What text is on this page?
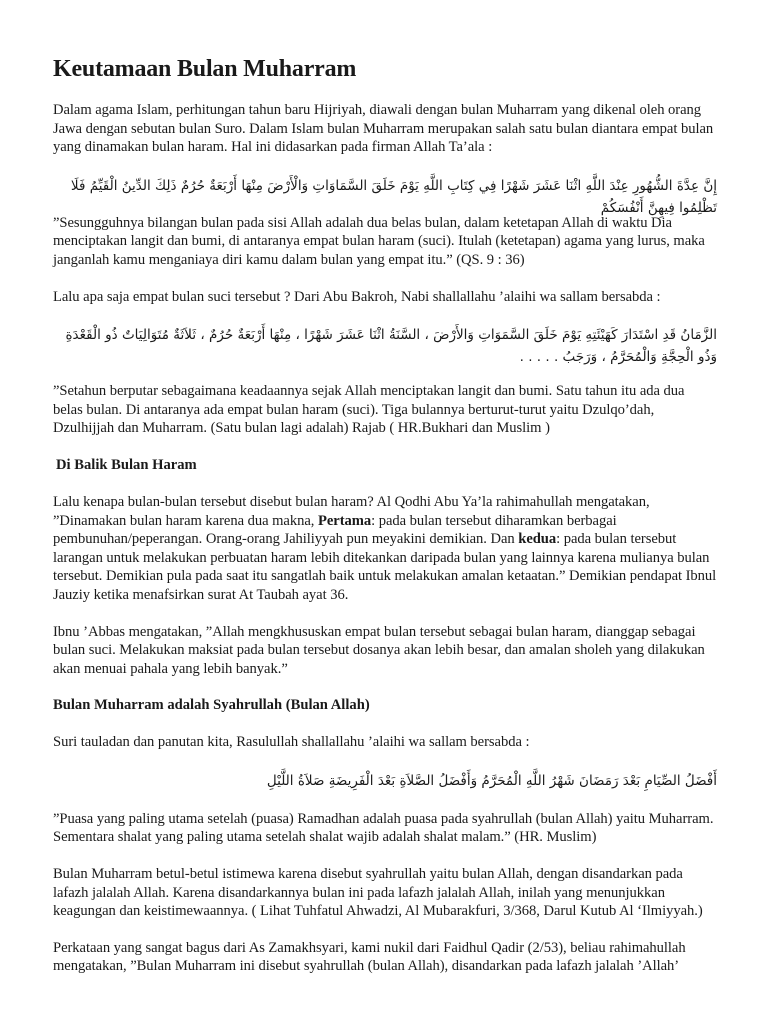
Keutamaan Bulan Muharram

Dalam agama Islam, perhitungan tahun baru Hijriyah, diawali dengan bulan Muharram yang dikenal oleh orang Jawa dengan sebutan bulan Suro. Dalam Islam bulan Muharram merupakan salah satu bulan diantara empat bulan yang dinamakan bulan haram. Hal ini didasarkan pada firman Allah Ta’ala :

إِنَّ عِدَّةَ الشُّهُورِ عِنْدَ اللَّهِ اثْنَا عَشَرَ شَهْرًا فِي كِتَابِ اللَّهِ يَوْمَ خَلَقَ السَّمَاوَاتِ وَالْأَرْضَ مِنْهَا أَرْبَعَةٌ حُرُمٌ ذَلِكَ الدِّينُ الْقَيِّمُ فَلَا تَظْلِمُوا فِيهِنَّ أَنْفُسَكُمْ

”Sesungguhnya bilangan bulan pada sisi Allah adalah dua belas bulan, dalam ketetapan Allah di waktu Dia menciptakan langit dan bumi, di antaranya empat bulan haram (suci). Itulah (ketetapan) agama yang lurus, maka janganlah kamu menganiaya diri kamu dalam bulan yang empat itu.” (QS. 9 : 36)

Lalu apa saja empat bulan suci tersebut ? Dari Abu Bakroh, Nabi shallallahu ’alaihi wa sallam bersabda :

الزَّمَانُ قَدِ اسْتَدَارَ كَهَيْئَتِهِ يَوْمَ خَلَقَ السَّمَوَاتِ وَالأَرْضَ ، السَّنَةُ اثْنَا عَشَرَ شَهْرًا ، مِنْهَا أَرْبَعَةٌ حُرُمٌ ، ثَلاَثَةٌ مُتَوَالِيَاتٌ ذُو الْقَعْدَةِ وَذُو الْحِجَّةِ وَالْمُحَرَّمُ ، وَرَجَبُ . . . . .

”Setahun berputar sebagaimana keadaannya sejak Allah menciptakan langit dan bumi. Satu tahun itu ada dua belas bulan. Di antaranya ada empat bulan haram (suci). Tiga bulannya berturut-turut yaitu Dzulqo’dah, Dzulhijjah dan Muharram. (Satu bulan lagi adalah) Rajab ( HR.Bukhari dan Muslim )

Di Balik Bulan Haram

Lalu kenapa bulan-bulan tersebut disebut bulan haram? Al Qodhi Abu Ya’la rahimahullah mengatakan, ”Dinamakan bulan haram karena dua makna, Pertama: pada bulan tersebut diharamkan berbagai pembunuhan/peperangan. Orang-orang Jahiliyyah pun meyakini demikian. Dan kedua: pada bulan tersebut larangan untuk melakukan perbuatan haram lebih ditekankan daripada bulan yang lainnya karena mulianya bulan tersebut. Demikian pula pada saat itu sangatlah baik untuk melakukan amalan ketaatan.” Demikian pendapat Ibnul Jauziy ketika menafsirkan surat At Taubah ayat 36.

Ibnu ’Abbas mengatakan, ”Allah mengkhususkan empat bulan tersebut sebagai bulan haram, dianggap sebagai bulan suci. Melakukan maksiat pada bulan tersebut dosanya akan lebih besar, dan amalan sholeh yang dilakukan akan menuai pahala yang lebih banyak.”

Bulan Muharram adalah Syahrullah (Bulan Allah)

Suri tauladan dan panutan kita, Rasulullah shallallahu ’alaihi wa sallam bersabda :

أَفْضَلُ الصِّيَامِ بَعْدَ رَمَضَانَ شَهْرُ اللَّهِ الْمُحَرَّمُ وَأَفْضَلُ الصَّلاَةِ بَعْدَ الْفَرِيضَةِ صَلاَةُ اللَّيْلِ

”Puasa yang paling utama setelah (puasa) Ramadhan adalah puasa pada syahrullah (bulan Allah) yaitu Muharram. Sementara shalat yang paling utama setelah shalat wajib adalah shalat malam.” (HR. Muslim)

Bulan Muharram betul-betul istimewa karena disebut syahrullah yaitu bulan Allah, dengan disandarkan pada lafazh jalalah Allah. Karena disandarkannya bulan ini pada lafazh jalalah Allah, inilah yang menunjukkan keagungan dan keistimewaannya. ( Lihat Tuhfatul Ahwadzi, Al Mubarakfuri, 3/368, Darul Kutub Al ‘Ilmiyyah.)

Perkataan yang sangat bagus dari As Zamakhsyari, kami nukil dari Faidhul Qadir (2/53), beliau rahimahullah mengatakan, ”Bulan Muharram ini disebut syahrullah (bulan Allah), disandarkan pada lafazh jalalah ’Allah’
